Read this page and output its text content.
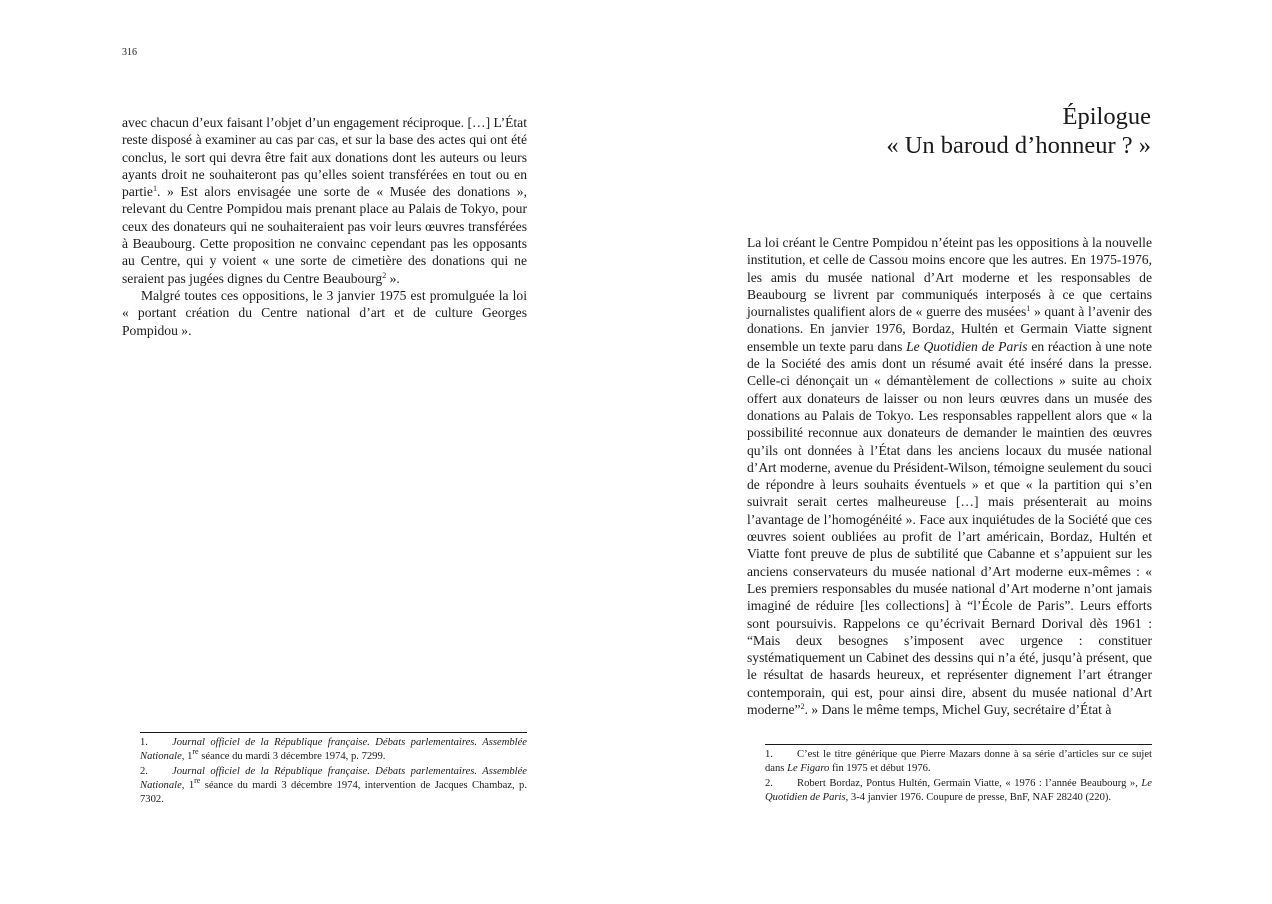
316

avec chacun d’eux faisant l’objet d’un engagement réciproque. […] L’État reste disposé à examiner au cas par cas, et sur la base des actes qui ont été conclus, le sort qui devra être fait aux donations dont les auteurs ou leurs ayants droit ne souhaiteront pas qu’elles soient transférées en tout ou en partie$^1$. » Est alors envisagée une sorte de « Musée des donations », relevant du Centre Pompidou mais prenant place au Palais de Tokyo, pour ceux des donateurs qui ne souhaiteraient pas voir leurs œuvres transférées à Beaubourg. Cette proposition ne convainc cependant pas les opposants au Centre, qui y voient « une sorte de cimetière des donations qui ne seraient pas jugées dignes du Centre Beaubourg$^2$ ».

Malgré toutes ces oppositions, le 3 janvier 1975 est promulguée la loi « portant création du Centre national d’art et de culture Georges Pompidou ».

1. Journal officiel de la République française. Débats parlementaires. Assemblée Nationale, 1re séance du mardi 3 décembre 1974, p. 7299.

2. Journal officiel de la République française. Débats parlementaires. Assemblée Nationale, 1re séance du mardi 3 décembre 1974, intervention de Jacques Chambaz, p. 7302.

Épilogue
« Un baroud d’honneur ? »

La loi créant le Centre Pompidou n’éteint pas les oppositions à la nouvelle institution, et celle de Cassou moins encore que les autres. En 1975-1976, les amis du musée national d’Art moderne et les responsables de Beaubourg se livrent par communiqués interposés à ce que certains journalistes qualifient alors de « guerre des musées$^1$ » quant à l’avenir des donations. En janvier 1976, Bordaz, Hultén et Germain Viatte signent ensemble un texte paru dans Le Quotidien de Paris en réaction à une note de la Société des amis dont un résumé avait été inséré dans la presse. Celle-ci dénonçait un « démantèlement de collections » suite au choix offert aux donateurs de laisser ou non leurs œuvres dans un musée des donations au Palais de Tokyo. Les responsables rappellent alors que « la possibilité reconnue aux donateurs de demander le maintien des œuvres qu’ils ont données à l’État dans les anciens locaux du musée national d’Art moderne, avenue du Président-Wilson, témoigne seulement du souci de répondre à leurs souhaits éventuels » et que « la partition qui s’en suivrait serait certes malheureuse […] mais présenterait au moins l’avantage de l’homogénéité ». Face aux inquiétudes de la Société que ces œuvres soient oubliées au profit de l’art américain, Bordaz, Hultén et Viatte font preuve de plus de subtilité que Cabanne et s’appuient sur les anciens conservateurs du musée national d’Art moderne eux-mêmes : « Les premiers responsables du musée national d’Art moderne n’ont jamais imaginé de réduire [les collections] à “l’École de Paris”. Leurs efforts sont poursuivis. Rappelons ce qu’écrivait Bernard Dorival dès 1961 : “Mais deux besognes s’imposent avec urgence : constituer systématiquement un Cabinet des dessins qui n’a été, jusqu’à présent, que le résultat de hasards heureux, et représenter dignement l’art étranger contemporain, qui est, pour ainsi dire, absent du musée national d’Art moderne”$^2$. » Dans le même temps, Michel Guy, secrétaire d’État à

1. C’est le titre générique que Pierre Mazars donne à sa série d’articles sur ce sujet dans Le Figaro fin 1975 et début 1976.

2. Robert Bordaz, Pontus Hultén, Germain Viatte, « 1976 : l’année Beaubourg », Le Quotidien de Paris, 3-4 janvier 1976. Coupure de presse, BnF, NAF 28240 (220).
